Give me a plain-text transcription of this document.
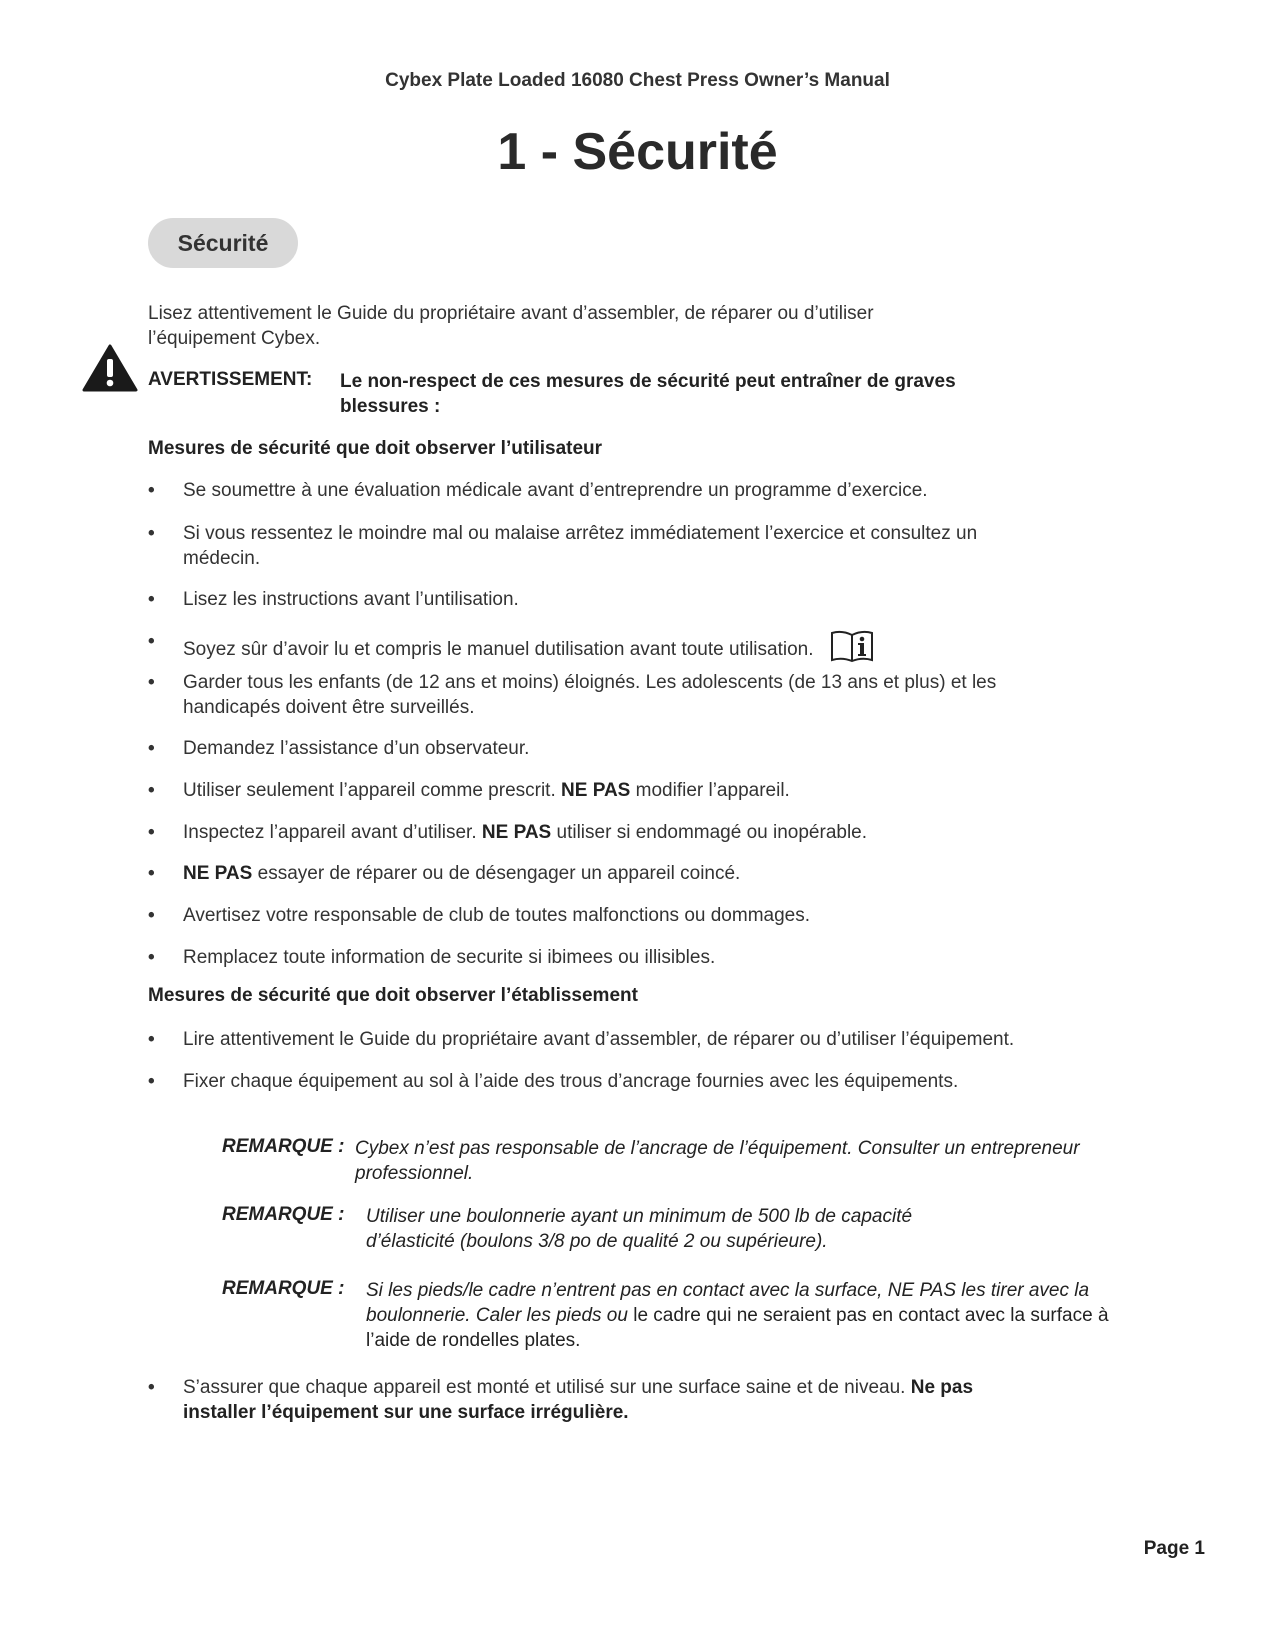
Cybex Plate Loaded 16080 Chest Press Owner’s Manual
1 - Sécurité
Sécurité
Lisez attentivement le Guide du propriétaire avant d’assembler, de réparer ou d’utiliser l’équipement Cybex.
AVERTISSEMENT: Le non-respect de ces mesures de sécurité peut entraîner de graves blessures :
Mesures de sécurité que doit observer l’utilisateur
•	Se soumettre à une évaluation médicale avant d’entreprendre un programme d’exercice.
•	Si vous ressentez le moindre mal ou malaise arrêtez immédiatement l’exercice et consultez un médecin.
•	Lisez les instructions avant l’untilisation.
•	Soyez sûr d’avoir lu et compris le manuel dutilisation avant toute utilisation.
•	Garder tous les enfants (de 12 ans et moins) éloignés. Les adolescents (de 13 ans et plus) et les handicapés doivent être surveillés.
•	Demandez l’assistance d’un observateur.
•	Utiliser seulement l’appareil comme prescrit. NE PAS modifier l’appareil.
•	Inspectez l’appareil avant d’utiliser. NE PAS utiliser si endommagé ou inopérable.
•	NE PAS essayer de réparer ou de désengager un appareil coincé.
•	Avertisez votre responsable de club de toutes malfonctions ou dommages.
•	Remplacez toute information de securite si ibimees ou illisibles.
Mesures de sécurité que doit observer l’établissement
•	Lire attentivement le Guide du propriétaire avant d’assembler, de réparer ou d’utiliser l’équipement.
•	Fixer chaque équipement au sol à l’aide des trous d’ancrage fournies avec les équipements.
REMARQUE : Cybex n’est pas responsable de l’ancrage de l’équipement. Consulter un entrepreneur professionnel.
REMARQUE : Utiliser une boulonnerie ayant un minimum de 500 lb de capacité d’élasticité (boulons 3/8 po de qualité 2 ou supérieure).
REMARQUE : Si les pieds/le cadre n’entrent pas en contact avec la surface, NE PAS les tirer avec la boulonnerie. Caler les pieds ou le cadre qui ne seraient pas en contact avec la surface à l’aide de rondelles plates.
•	S’assurer que chaque appareil est monté et utilisé sur une surface saine et de niveau. Ne pas installer l’équipement sur une surface irrégulière.
Page 1
